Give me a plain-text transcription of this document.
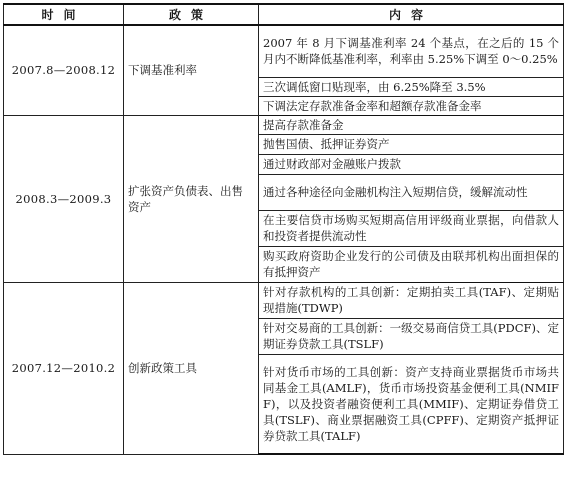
时间	政策	内容
2007.8—2008.12	下调基准利率	2007 年 8 月下调基准利率 24 个基点，在之后的 15 个月内不断降低基准利率，利率由 5.25%下调至 0～0.25%
		三次调低窗口贴现率，由 6.25%降至 3.5%
		下调法定存款准备金率和超额存款准备金率
2008.3—2009.3	扩张资产负债表、出售资产	提高存款准备金
		抛售国债、抵押证券资产
		通过财政部对金融账户拨款
		通过各种途径向金融机构注入短期信贷，缓解流动性
		在主要信贷市场购买短期高信用评级商业票据，向借款人和投资者提供流动性
		购买政府资助企业发行的公司债及由联邦机构出面担保的有抵押资产
2007.12—2010.2	创新政策工具	针对存款机构的工具创新：定期拍卖工具(TAF)、定期贴现措施(TDWP)
		针对交易商的工具创新：一级交易商信贷工具(PDCF)、定期证券贷款工具(TSLF)
		针对货币市场的工具创新：资产支持商业票据货币市场共同基金工具(AMLF)，货币市场投资基金便利工具(NMIFF)，以及投资者融资便利工具(MMIF)、定期证券借贷工具(TSLF)、商业票据融资工具(CPFF)、定期资产抵押证券贷款工具(TALF)
